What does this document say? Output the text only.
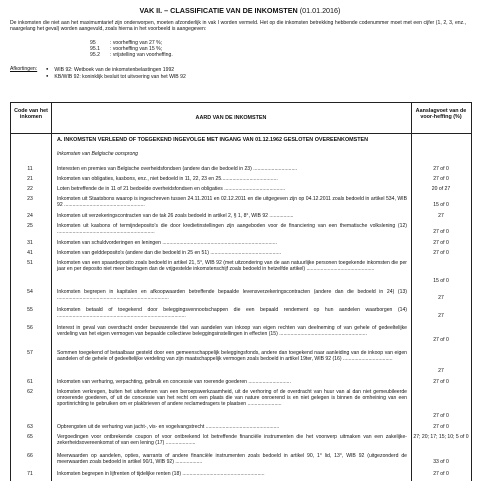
VAK II. – CLASSIFICATIE VAN DE INKOMSTEN (01.01.2016)
De inkomsten die niet aan het maximumtarief zijn onderworpen, moeten afzonderlijk in vak I worden vermeld. Het op die inkomsten betrekking hebbende codenummer moet met een cijfer (1, 2, 3, enz., naargelang het geval) worden aangevuld, zoals hierna in het voorbeeld is aangegeven:
95	: voorheffing van 27 %;
95.1 : voorheffing van 15 %;
95.2 : vrijstelling van voorheffing.
Afkortingen:	● WIB 92: Wetboek van de inkomstenbelastingen 1992
● KB/WIB 92: koninklijk besluit tot uitvoering van het WIB 92
Code van het inkomen	AARD VAN DE INKOMSTEN
Aanslagvoet van de voor-heffing (%)
A. INKOMSTEN VERLEEND OF TOEGEKEND INGEVOLGE MET INGANG VAN 01.12.1962 GESLOTEN OVEREENKOMSTEN
Inkomsten van Belgische oorsprong
11	Interesten en premies van Belgische overheidsfondsen (andere dan die bedoeld in 23) ...............................	27 of 0
21	Inkomsten van obligaties, kasbons, enz., niet bedoeld in 11, 22, 23 en 25........................................	27 of 0
22	Loten betreffende de in 11 of 21 bedoelde overheidsfondsen en obligaties ...........................................	20 of 27
23	Inkomsten uit Staatsbons waarop is ingeschreven tussen 24.11.2011 en 02.12.2011 en die uitgegeven zijn op 04.12.2011 zoals bedoeld in artikel 534, WIB 92 .........................................................	15 of 0
24	Inkomsten uit verzekeringscontracten van de tak 26 zoals bedoeld in artikel 2, § 1, 8°, WIB 92 .................	27
25	Inkomsten uit kasbons of termijndeposito's die door kredietinstellingen zijn aangeboden voor de financiering van een thematische volkslening (12) .....................................................................	27 of 0
31	Inkomsten van schuldvorderingen en leningen .................................................................................	27 of 0
41	Inkomsten van gelddeposito's (andere dan die bedoeld in 25 en 51) ..................................................	27 of 0
51	Inkomsten van een spaardeposito zoals bedoeld in artikel 21, 5°, WIB 92 (met uitzondering van de aan natuurlijke personen toegekende inkomsten die per jaar en per deposito niet meer bedragen dan de vrijgestelde inkomstenschijf zoals bedoeld in hetzelfde artikel) ................................................
15 of 0
54	Inkomsten begrepen in kapitalen en afkoopwaarden betreffende bepaalde levensverzekeringscontracten (andere dan die bedoeld in 24) (13) ...............................................................................	27
55	Inkomsten betaald of toegekend door beleggingsvennootschappen die een bepaald rendement op hun aandelen waarborgen (14) ...........................................................................................	27
56	Interest in geval van overdracht onder bezwarende titel van aandelen van inkoop van eigen rechten van deelneming of van gehele of gedeeltelijke verdeling van het eigen vermogen van bepaalde collectieve beleggingsinstellingen in effecten (15) ..............................................................
27 of 0
57	Sommen toegekend of betaalbaar gesteld door een gemeenschappelijk beleggingsfonds, andere dan toegekend naar aanleiding van de inkoop van eigen aandelen of de gehele of gedeeltelijke verdeling van zijn maatschappelijk vermogen zoals bedoeld in artikel 19ter, WIB 92 (16) ...................................
27
61	Inkomsten van verhuring, verpachting, gebruik en concessie van roerende goederen ..............................	27 of 0
62	Inkomsten verkregen, buiten het uitoefenen van een beroepswerkzaamheid, uit de verhoring of de overdracht van huur van al dan niet gemeubileerde onroerende goederen, of uit de concessie van het recht om een plaats die van nature onroerend is en niet gelegen is binnen de omheining van een sportinrichting te gebruiken om er plakbrieven of andere reclamedragers te plaatsen ........................
27 of 0
63	Opbrengsten uit de verhuring van jacht-, vis- en vogelvangstrecht ....................................................	27 of 0
65	Vergoedingen voor ontbrekende coupon of voor ontbrekend lot betreffende financiële instrumenten die het voorwerp uitmaken van een zakelijke-zekerheidsovereenkomst of van een lening (17) .....................
27; 20; 17; 15; 10; 5 of 0
66	Meerwaarden op aandelen, opties, warrants of andere financiële instrumenten zoals bedoeld in artikel 90, 1° lid, 13°, WIB 92 (uitgezonderd de meerwaarden zoals bedoeld in artikel 90/1, WIB 92) ...................	33 of 0
71	Inkomsten begrepen in lijfrenten of tijdelijke renten (18) ..........................................................	27 of 0
